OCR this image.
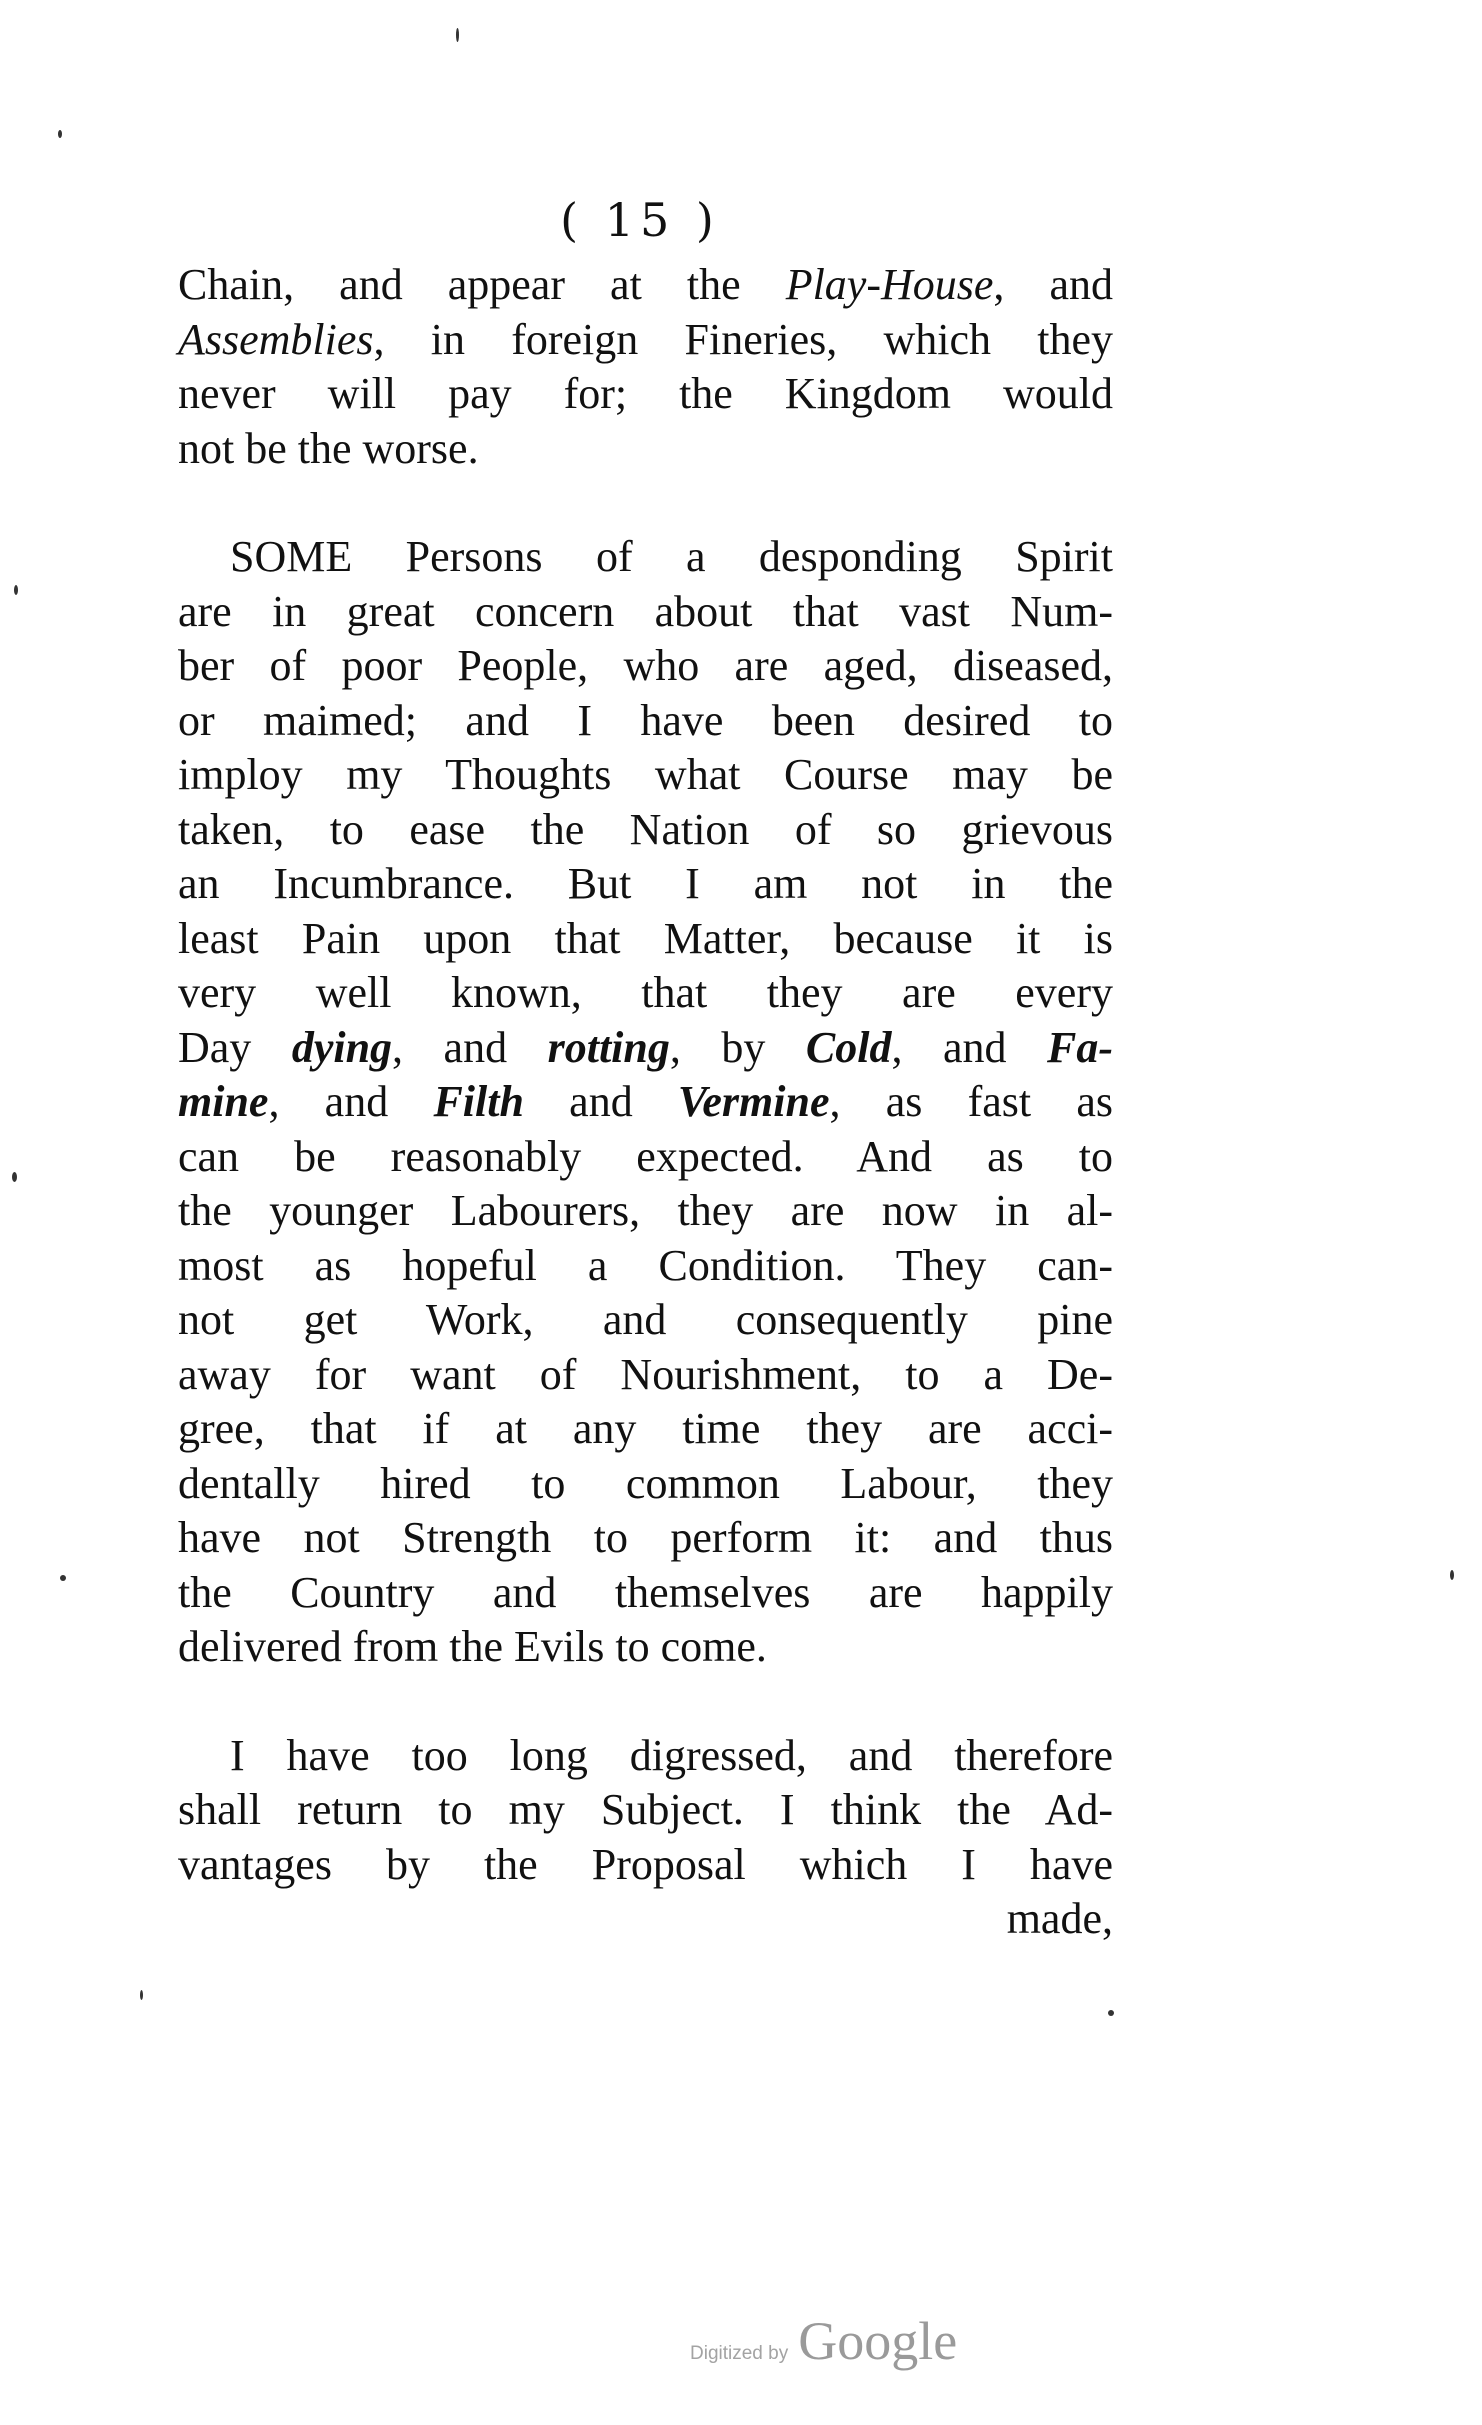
( 15 )
Chain, and appear at the Play-House, and
Assemblies, in foreign Fineries, which they
never will pay for; the Kingdom would
not be the worse.
SOME Persons of a desponding Spirit
are in great concern about that vast Num-
ber of poor People, who are aged, diseased,
or maimed; and I have been desired to
imploy my Thoughts what Course may be
taken, to ease the Nation of so grievous
an Incumbrance. But I am not in the
least Pain upon that Matter, because it is
very well known, that they are every
Day dying, and rotting, by Cold, and Fa-
mine, and Filth and Vermine, as fast as
can be reasonably expected. And as to
the younger Labourers, they are now in al-
most as hopeful a Condition. They can-
not get Work, and consequently pine
away for want of Nourishment, to a De-
gree, that if at any time they are acci-
dentally hired to common Labour, they
have not Strength to perform it: and thus
the Country and themselves are happily
delivered from the Evils to come.
I have too long digressed, and therefore
shall return to my Subject. I think the Ad-
vantages by the Proposal which I have
made,
Digitized by Google
